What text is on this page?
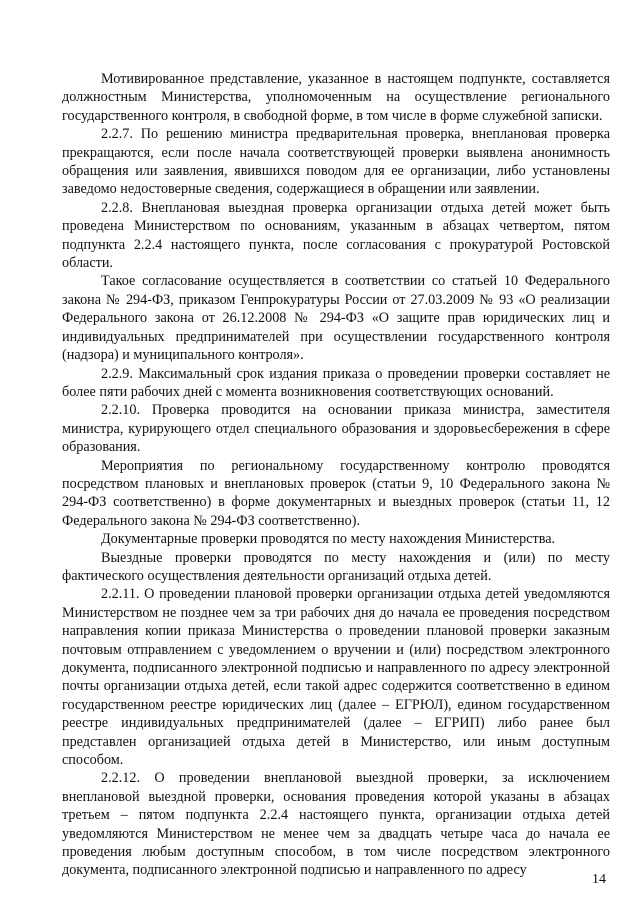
Мотивированное представление, указанное в настоящем подпункте, составляется должностным Министерства, уполномоченным на осуществление регионального государственного контроля, в свободной форме, в том числе в форме служебной записки.

2.2.7. По решению министра предварительная проверка, внеплановая проверка прекращаются, если после начала соответствующей проверки выявлена анонимность обращения или заявления, явившихся поводом для ее организации, либо установлены заведомо недостоверные сведения, содержащиеся в обращении или заявлении.

2.2.8. Внеплановая выездная проверка организации отдыха детей может быть проведена Министерством по основаниям, указанным в абзацах четвертом, пятом подпункта 2.2.4 настоящего пункта, после согласования с прокуратурой Ростовской области.

Такое согласование осуществляется в соответствии со статьей 10 Федерального закона № 294-ФЗ, приказом Генпрокуратуры России от 27.03.2009 № 93 «О реализации Федерального закона от 26.12.2008 № 294-ФЗ «О защите прав юридических лиц и индивидуальных предпринимателей при осуществлении государственного контроля (надзора) и муниципального контроля».

2.2.9. Максимальный срок издания приказа о проведении проверки составляет не более пяти рабочих дней с момента возникновения соответствующих оснований.

2.2.10. Проверка проводится на основании приказа министра, заместителя министра, курирующего отдел специального образования и здоровьесбережения в сфере образования.

Мероприятия по региональному государственному контролю проводятся посредством плановых и внеплановых проверок (статьи 9, 10 Федерального закона № 294-ФЗ соответственно) в форме документарных и выездных проверок (статьи 11, 12 Федерального закона № 294-ФЗ соответственно).

Документарные проверки проводятся по месту нахождения Министерства.

Выездные проверки проводятся по месту нахождения и (или) по месту фактического осуществления деятельности организаций отдыха детей.

2.2.11. О проведении плановой проверки организации отдыха детей уведомляются Министерством не позднее чем за три рабочих дня до начала ее проведения посредством направления копии приказа Министерства о проведении плановой проверки заказным почтовым отправлением с уведомлением о вручении и (или) посредством электронного документа, подписанного электронной подписью и направленного по адресу электронной почты организации отдыха детей, если такой адрес содержится соответственно в едином государственном реестре юридических лиц (далее – ЕГРЮЛ), едином государственном реестре индивидуальных предпринимателей (далее – ЕГРИП) либо ранее был представлен организацией отдыха детей в Министерство, или иным доступным способом.

2.2.12. О проведении внеплановой выездной проверки, за исключением внеплановой выездной проверки, основания проведения которой указаны в абзацах третьем – пятом подпункта 2.2.4 настоящего пункта, организации отдыха детей уведомляются Министерством не менее чем за двадцать четыре часа до начала ее проведения любым доступным способом, в том числе посредством электронного документа, подписанного электронной подписью и направленного по адресу

14
